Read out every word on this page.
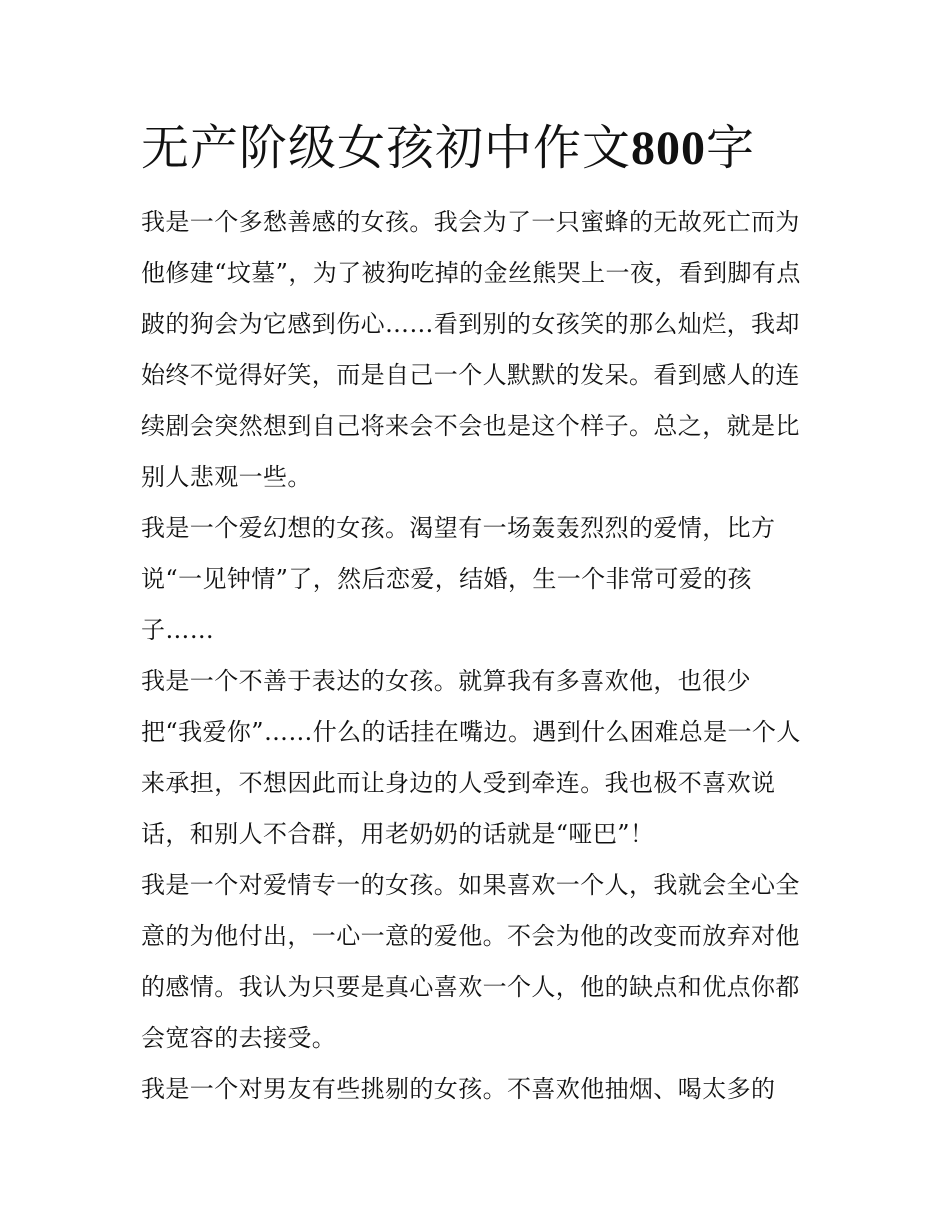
无产阶级女孩初中作文800字
我是一个多愁善感的女孩。我会为了一只蜜蜂的无故死亡而为
他修建“坟墓”，为了被狗吃掉的金丝熊哭上一夜，看到脚有点
跛的狗会为它感到伤心……看到别的女孩笑的那么灿烂，我却
始终不觉得好笑，而是自己一个人默默的发呆。看到感人的连
续剧会突然想到自己将来会不会也是这个样子。总之，就是比
别人悲观一些。
我是一个爱幻想的女孩。渴望有一场轰轰烈烈的爱情，比方
说“一见钟情”了，然后恋爱，结婚，生一个非常可爱的孩
子……
我是一个不善于表达的女孩。就算我有多喜欢他，也很少
把“我爱你”……什么的话挂在嘴边。遇到什么困难总是一个人
来承担，不想因此而让身边的人受到牵连。我也极不喜欢说
话，和别人不合群，用老奶奶的话就是“哑巴”！
我是一个对爱情专一的女孩。如果喜欢一个人，我就会全心全
意的为他付出，一心一意的爱他。不会为他的改变而放弃对他
的感情。我认为只要是真心喜欢一个人，他的缺点和优点你都
会宽容的去接受。
我是一个对男友有些挑剔的女孩。不喜欢他抽烟、喝太多的
